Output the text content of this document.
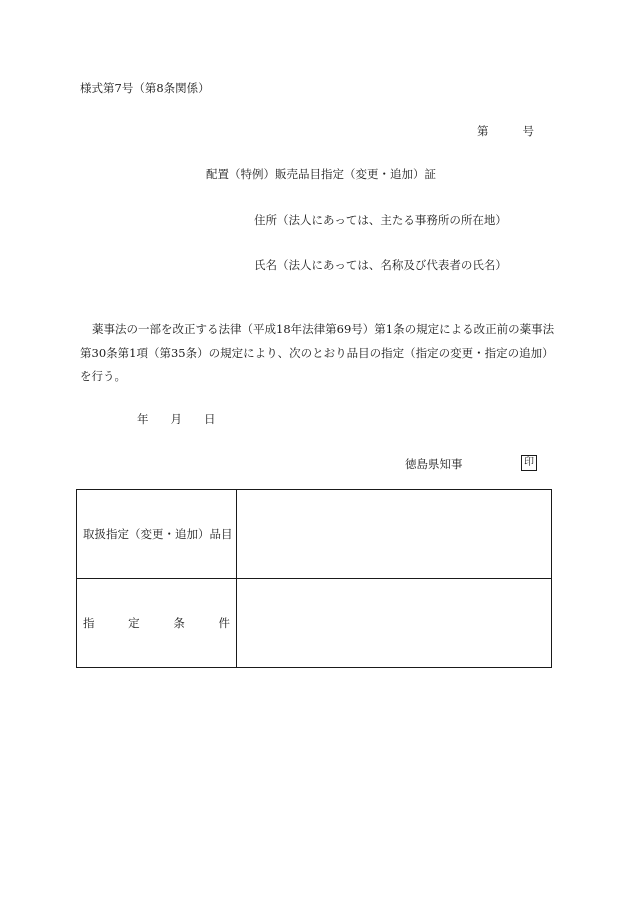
様式第7号（第8条関係）
第	号
配置（特例）販売品目指定（変更・追加）証
住所（法人にあっては、主たる事務所の所在地）
氏名（法人にあっては、名称及び代表者の氏名）
薬事法の一部を改正する法律（平成18年法律第69号）第1条の規定による改正前の薬事法第30条第1項（第35条）の規定により、次のとおり品目の指定（指定の変更・指定の追加）を行う。
年 月 日
徳島県知事	印
取扱指定（変更・追加）品目	

指 定 条 件	
